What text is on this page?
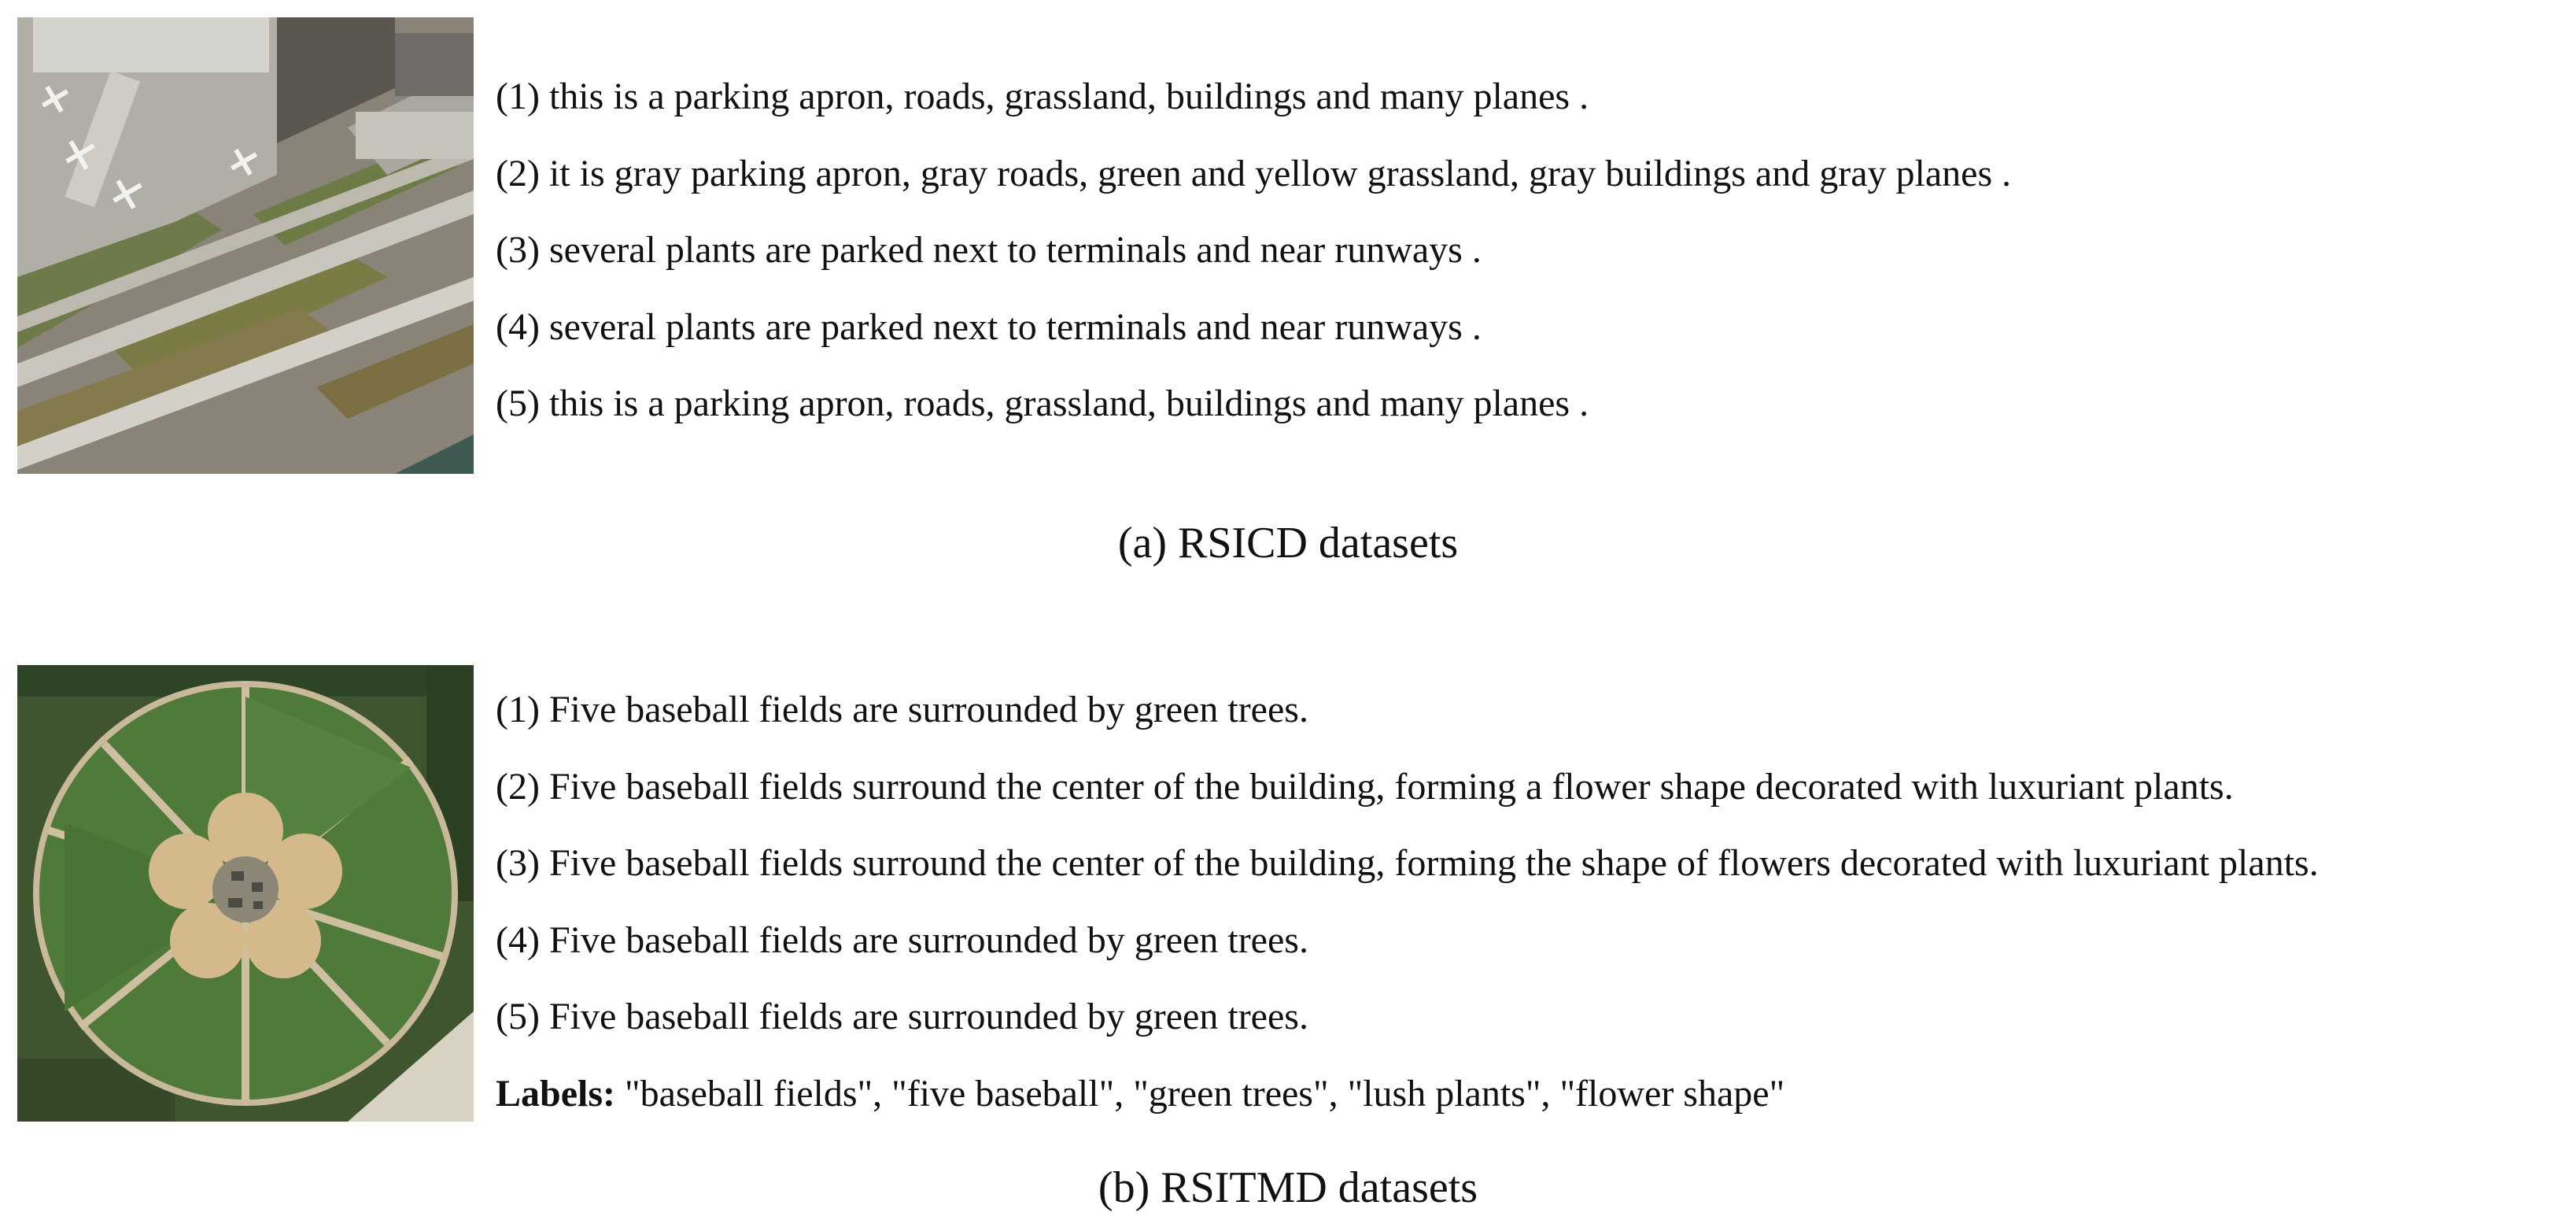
(1) this is a parking apron, roads, grassland, buildings and many planes .
(2) it is gray parking apron, gray roads, green and yellow grassland, gray buildings and gray planes .
(3) several plants are parked next to terminals and near runways .
(4) several plants are parked next to terminals and near runways .
(5) this is a parking apron, roads, grassland, buildings and many planes .
(a) RSICD datasets
(1) Five baseball fields are surrounded by green trees.
(2) Five baseball fields surround the center of the building, forming a flower shape decorated with luxuriant plants.
(3) Five baseball fields surround the center of the building, forming the shape of flowers decorated with luxuriant plants.
(4) Five baseball fields are surrounded by green trees.
(5) Five baseball fields are surrounded by green trees.
Labels: "baseball fields", "five baseball", "green trees", "lush plants", "flower shape"
(b) RSITMD datasets
